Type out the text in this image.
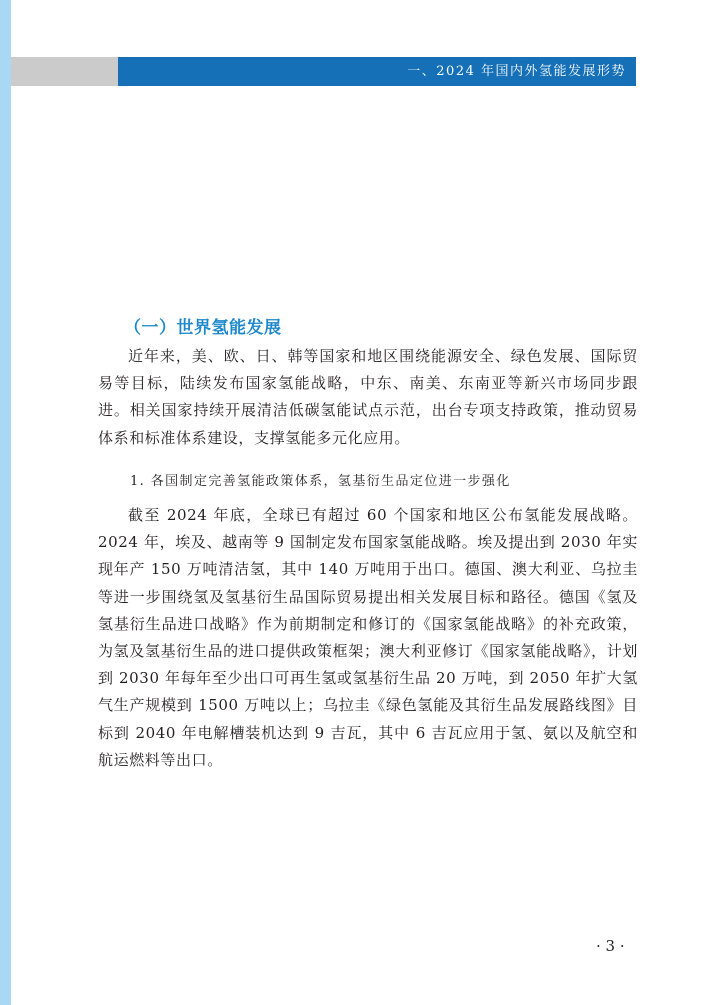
一、2024 年国内外氢能发展形势
（一）世界氢能发展

近年来，美、欧、日、韩等国家和地区围绕能源安全、绿色发展、国际贸易等目标，陆续发布国家氢能战略，中东、南美、东南亚等新兴市场同步跟进。相关国家持续开展清洁低碳氢能试点示范，出台专项支持政策，推动贸易体系和标准体系建设，支撑氢能多元化应用。

1. 各国制定完善氢能政策体系，氢基衍生品定位进一步强化

截至 2024 年底，全球已有超过 60 个国家和地区公布氢能发展战略。2024 年，埃及、越南等 9 国制定发布国家氢能战略。埃及提出到 2030 年实现年产 150 万吨清洁氢，其中 140 万吨用于出口。德国、澳大利亚、乌拉圭等进一步围绕氢及氢基衍生品国际贸易提出相关发展目标和路径。德国《氢及氢基衍生品进口战略》作为前期制定和修订的《国家氢能战略》的补充政策，为氢及氢基衍生品的进口提供政策框架；澳大利亚修订《国家氢能战略》，计划到 2030 年每年至少出口可再生氢或氢基衍生品 20 万吨，到 2050 年扩大氢气生产规模到 1500 万吨以上；乌拉圭《绿色氢能及其衍生品发展路线图》目标到 2040 年电解槽装机达到 9 吉瓦，其中 6 吉瓦应用于氢、氨以及航空和航运燃料等出口。

· 3 ·
